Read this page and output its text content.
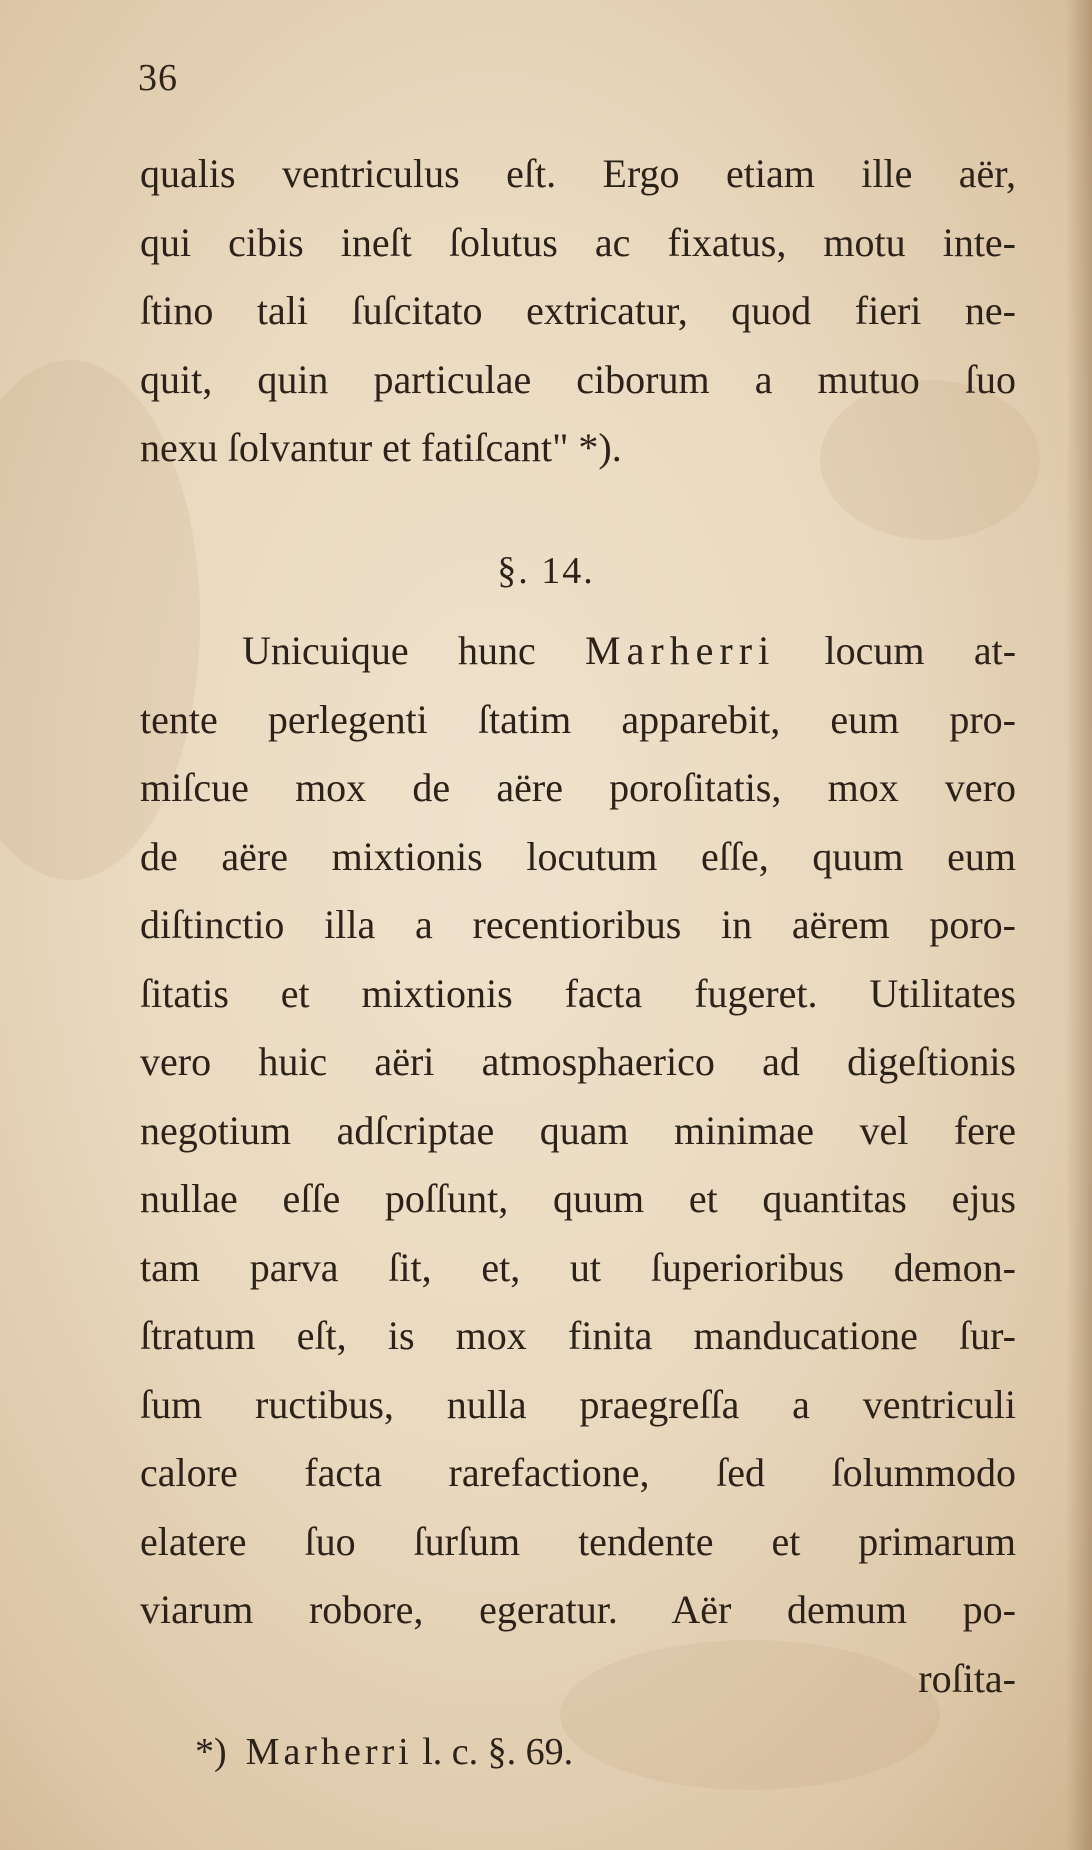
36
qualis ventriculus eſt. Ergo etiam ille aër,
qui cibis ineſt ſolutus ac fixatus, motu inte-
ſtino tali ſuſcitato extricatur, quod fieri ne-
quit, quin particulae ciborum a mutuo ſuo
nexu ſolvantur et fatiſcant" *).
§. 14.
Unicuique hunc Marherri locum at-
tente perlegenti ſtatim apparebit, eum pro-
miſcue mox de aëre poroſitatis, mox vero
de aëre mixtionis locutum eſſe, quum eum
diſtinctio illa a recentioribus in aërem poro-
ſitatis et mixtionis facta fugeret. Utilitates
vero huic aëri atmosphaerico ad digeſtionis
negotium adſcriptae quam minimae vel fere
nullae eſſe poſſunt, quum et quantitas ejus
tam parva ſit, et, ut ſuperioribus demon-
ſtratum eſt, is mox finita manducatione ſur-
ſum ructibus, nulla praegreſſa a ventriculi
calore facta rarefactione, ſed ſolummodo
elatere ſuo ſurſum tendente et primarum
viarum robore, egeratur. Aër demum po-
roſita-
*) Marherri l. c. §. 69.
